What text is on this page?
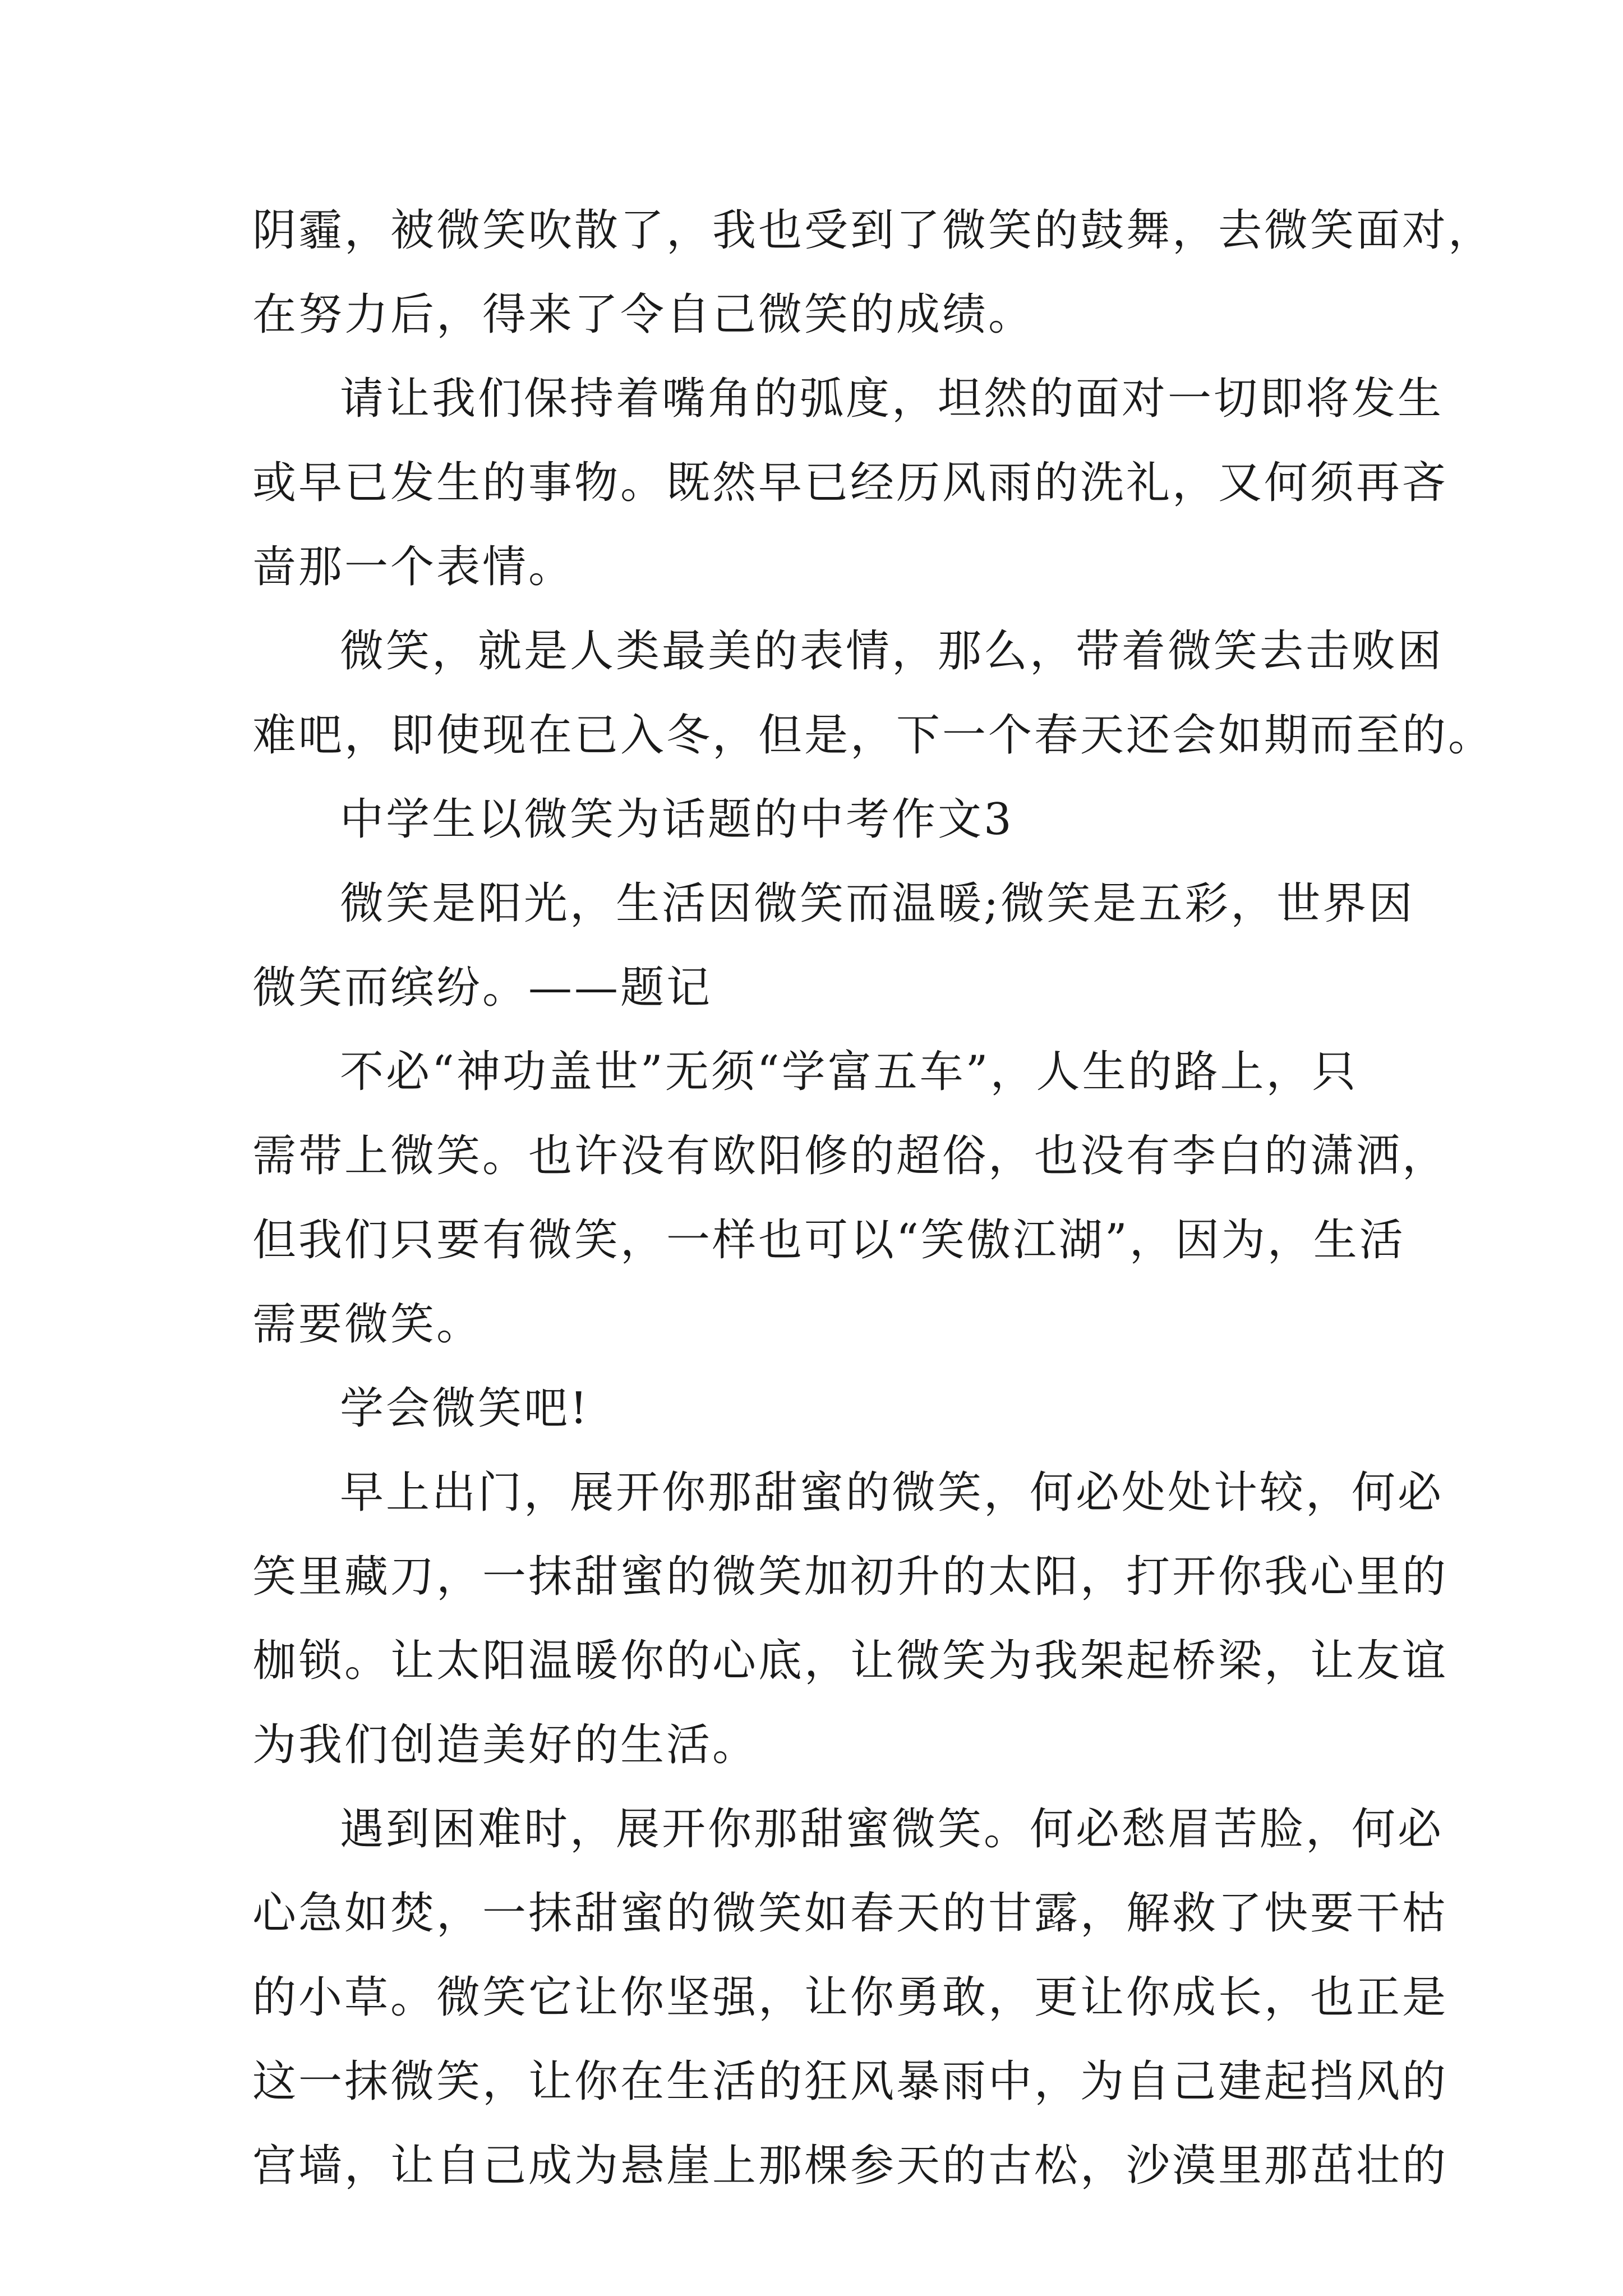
阴霾，被微笑吹散了，我也受到了微笑的鼓舞，去微笑面对，
在努力后，得来了令自己微笑的成绩。
请让我们保持着嘴角的弧度，坦然的面对一切即将发生
或早已发生的事物。既然早已经历风雨的洗礼，又何须再吝
啬那一个表情。
微笑，就是人类最美的表情，那么，带着微笑去击败困
难吧，即使现在已入冬，但是，下一个春天还会如期而至的。
中学生以微笑为话题的中考作文3
微笑是阳光，生活因微笑而温暖;微笑是五彩，世界因
微笑而缤纷。——题记
不必“神功盖世”无须“学富五车”，人生的路上，只
需带上微笑。也许没有欧阳修的超俗，也没有李白的潇洒，
但我们只要有微笑，一样也可以“笑傲江湖”，因为，生活
需要微笑。
学会微笑吧!
早上出门，展开你那甜蜜的微笑，何必处处计较，何必
笑里藏刀，一抹甜蜜的微笑加初升的太阳，打开你我心里的
枷锁。让太阳温暖你的心底，让微笑为我架起桥梁，让友谊
为我们创造美好的生活。
遇到困难时，展开你那甜蜜微笑。何必愁眉苦脸，何必
心急如焚，一抹甜蜜的微笑如春天的甘露，解救了快要干枯
的小草。微笑它让你坚强，让你勇敢，更让你成长，也正是
这一抹微笑，让你在生活的狂风暴雨中，为自己建起挡风的
宫墙，让自己成为悬崖上那棵参天的古松，沙漠里那茁壮的
